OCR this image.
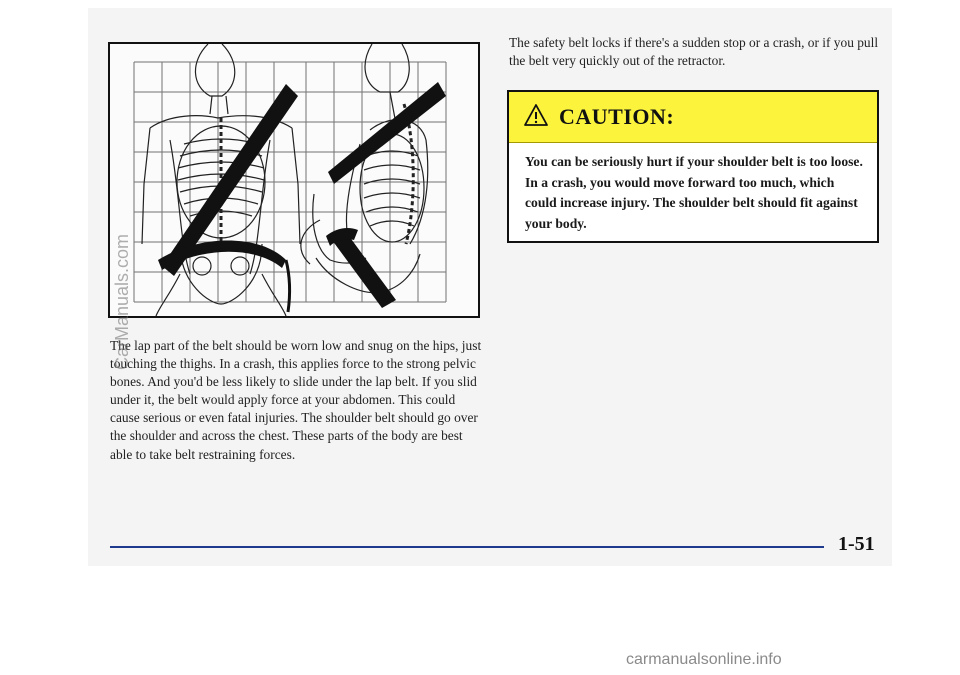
The lap part of the belt should be worn low and snug on the hips, just touching the thighs. In a crash, this applies force to the strong pelvic bones. And you'd be less likely to slide under the lap belt. If you slid under it, the belt would apply force at your abdomen. This could cause serious or even fatal injuries. The shoulder belt should go over the shoulder and across the chest. These parts of the body are best able to take belt restraining forces.

The safety belt locks if there's a sudden stop or a crash, or if you pull the belt very quickly out of the retractor.

CAUTION:

You can be seriously hurt if your shoulder belt is too loose. In a crash, you would move forward too much, which could increase injury. The shoulder belt should fit against your body.

1-51
CarManuals.com
carmanualsonline.info
